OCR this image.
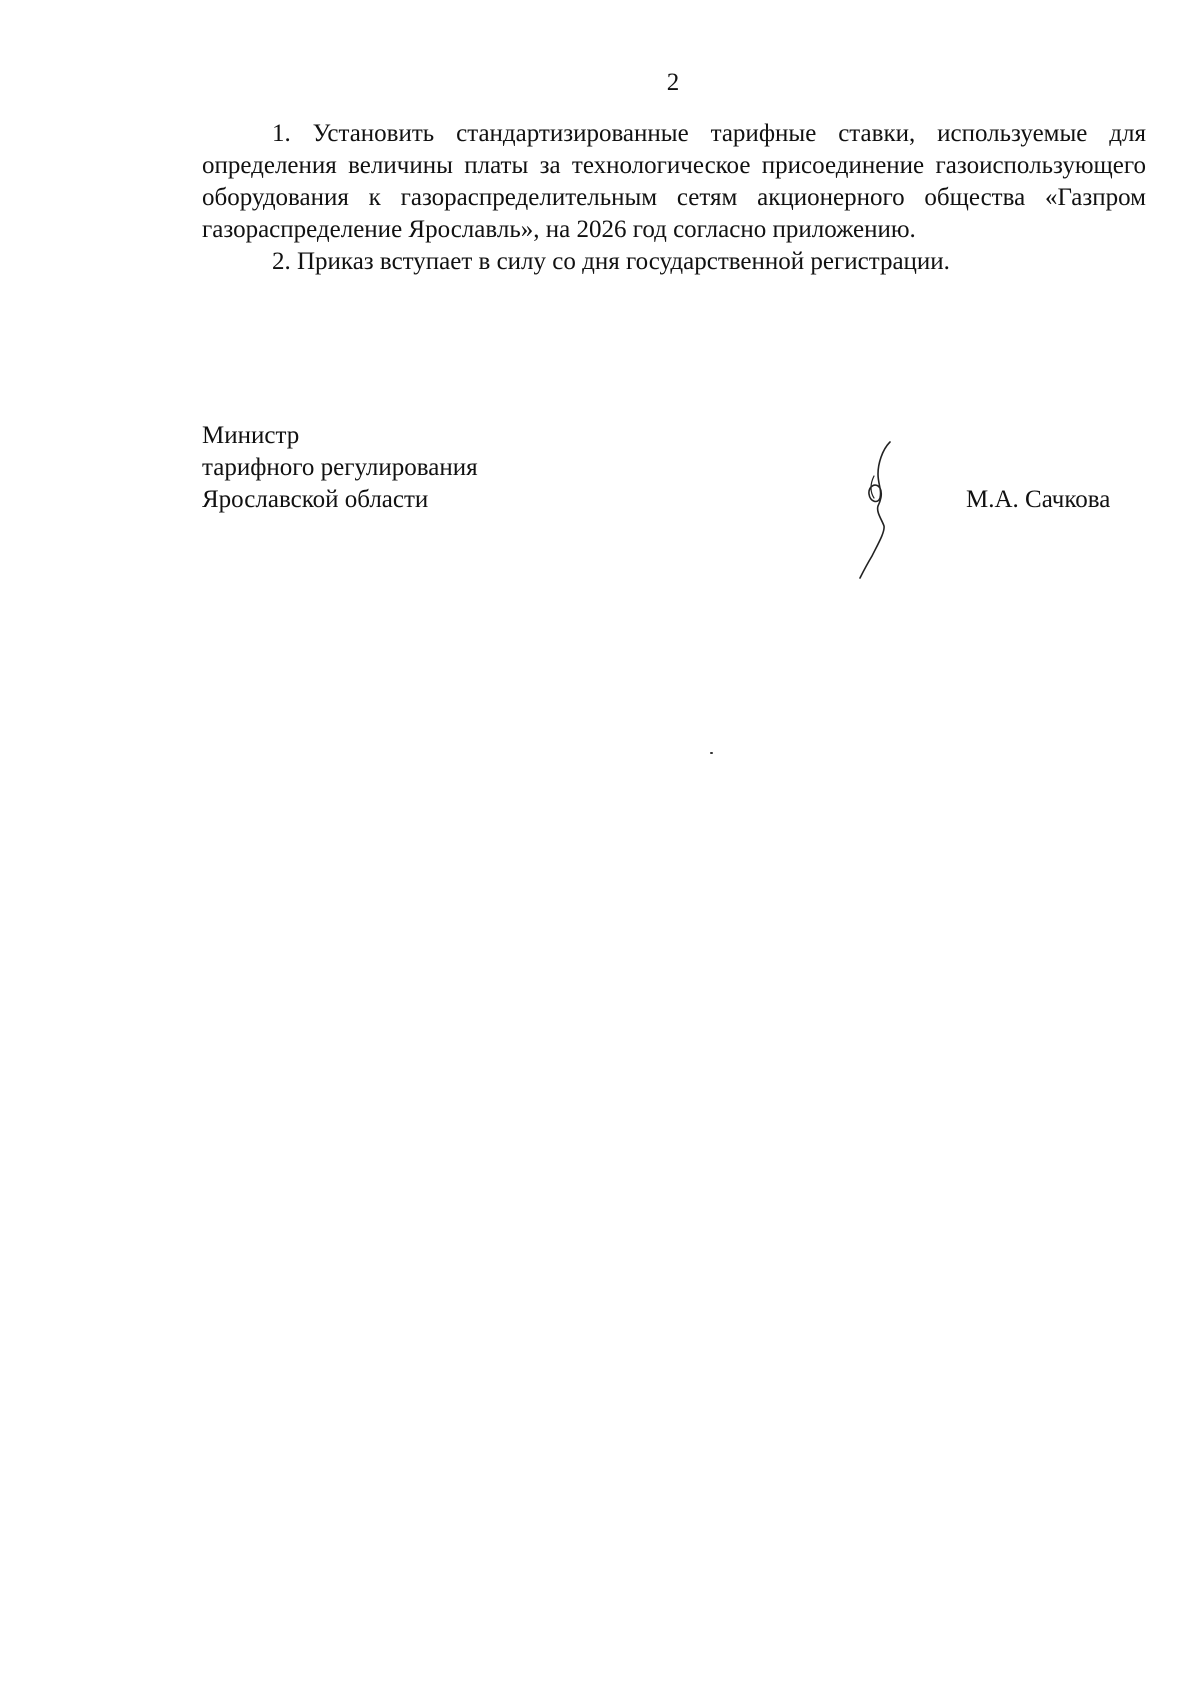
2

1. Установить стандартизированные тарифные ставки, используемые для определения величины платы за технологическое присоединение газоиспользующего оборудования к газораспределительным сетям акционерного общества «Газпром газораспределение Ярославль», на 2026 год согласно приложению.

2. Приказ вступает в силу со дня государственной регистрации.

Министр
тарифного регулирования
Ярославской области	М.А. Сачкова
